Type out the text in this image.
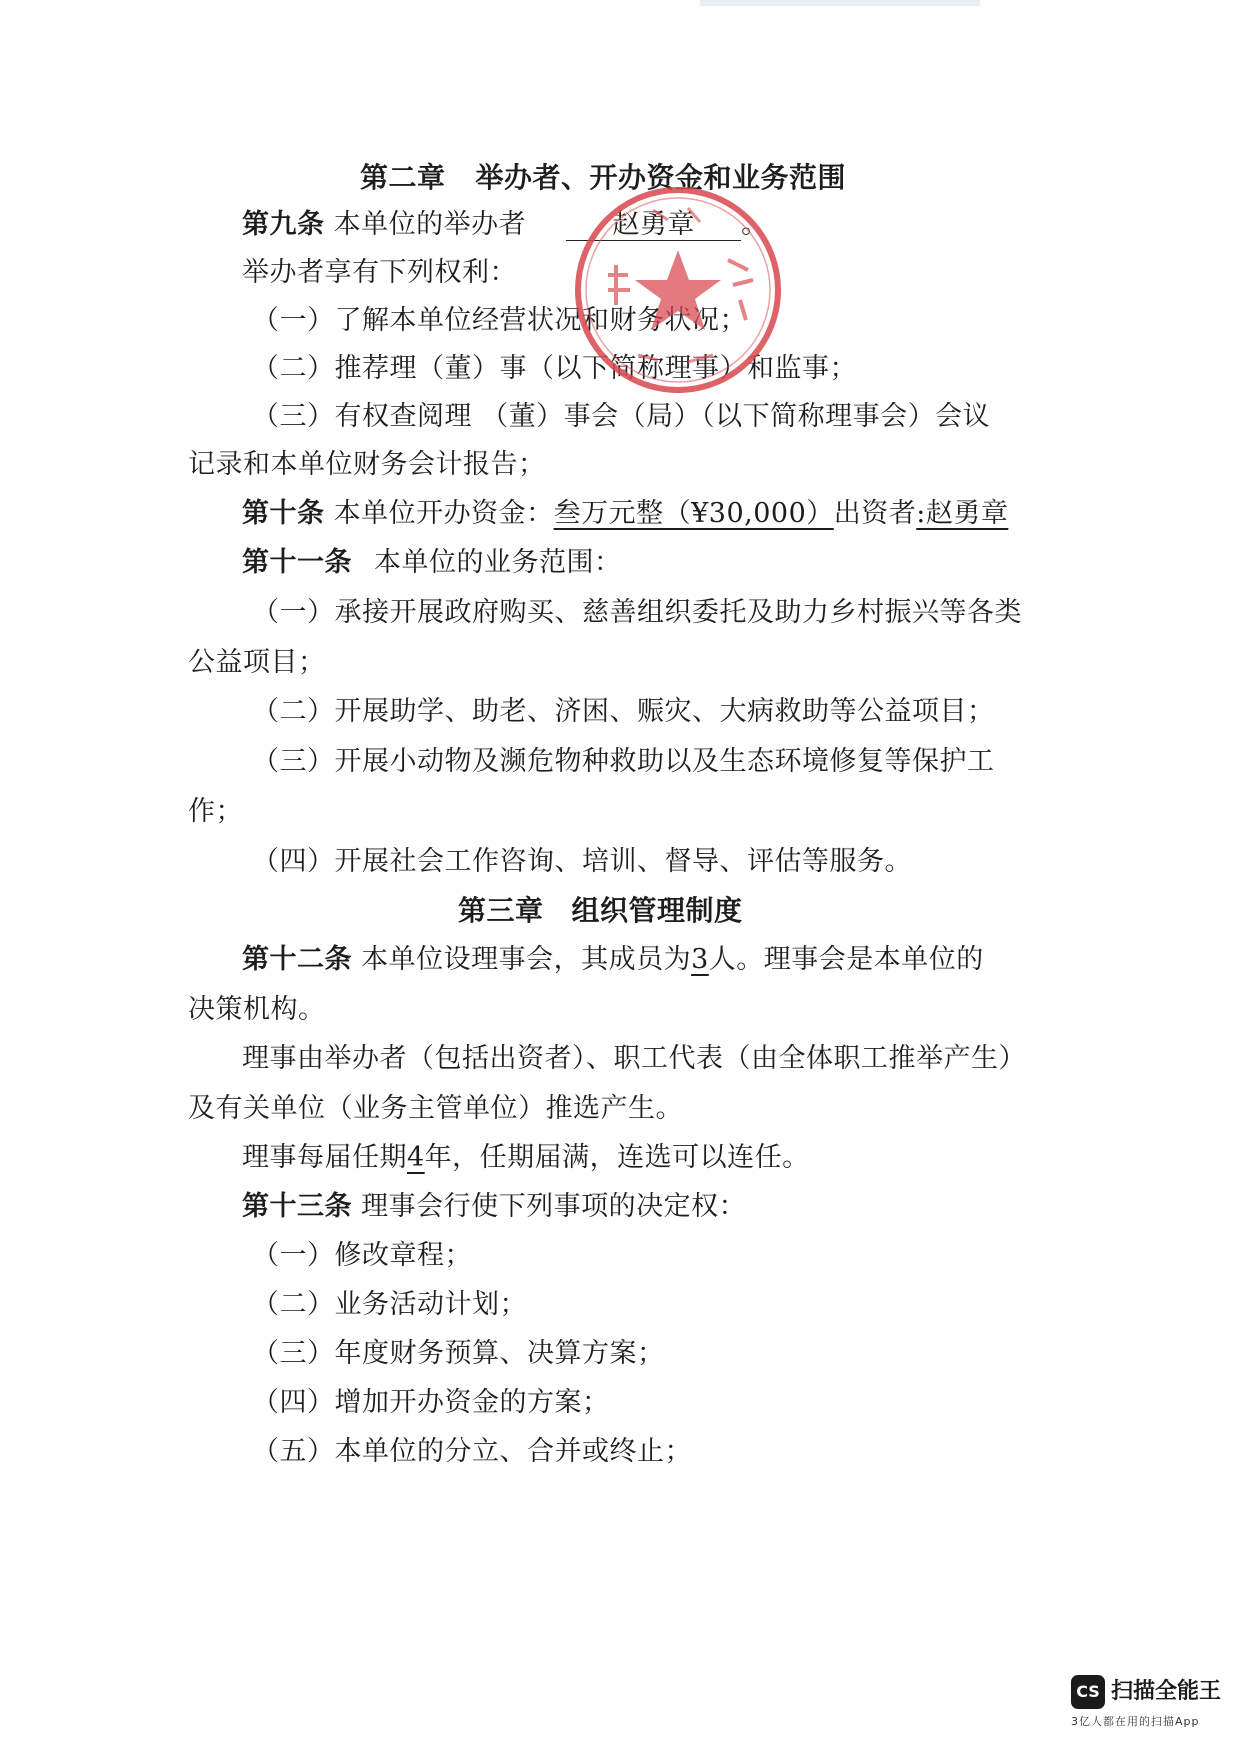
第二章 举办者、开办资金和业务范围
第九条 本单位的举办者	赵勇章 。
举办者享有下列权利：
（一）了解本单位经营状况和财务状况；
（二）推荐理（董）事（以下简称理事）和监事；
（三）有权查阅理 （董）事会（局）（以下简称理事会）会议
记录和本单位财务会计报告；
第十条 本单位开办资金：叁万元整（¥30,000）出资者:赵勇章
第十一条 本单位的业务范围：
（一）承接开展政府购买、慈善组织委托及助力乡村振兴等各类
公益项目；
（二）开展助学、助老、济困、赈灾、大病救助等公益项目；
（三）开展小动物及濒危物种救助以及生态环境修复等保护工
作；
（四）开展社会工作咨询、培训、督导、评估等服务。
第三章 组织管理制度
第十二条 本单位设理事会，其成员为3人。理事会是本单位的
决策机构。
理事由举办者（包括出资者）、职工代表（由全体职工推举产生）
及有关单位（业务主管单位）推选产生。
理事每届任期4年，任期届满，连选可以连任。
第十三条 理事会行使下列事项的决定权：
（一）修改章程；
（二）业务活动计划；
（三）年度财务预算、决算方案；
（四）增加开办资金的方案；
（五）本单位的分立、合并或终止；
CS 扫描全能王
3亿人都在用的扫描App
